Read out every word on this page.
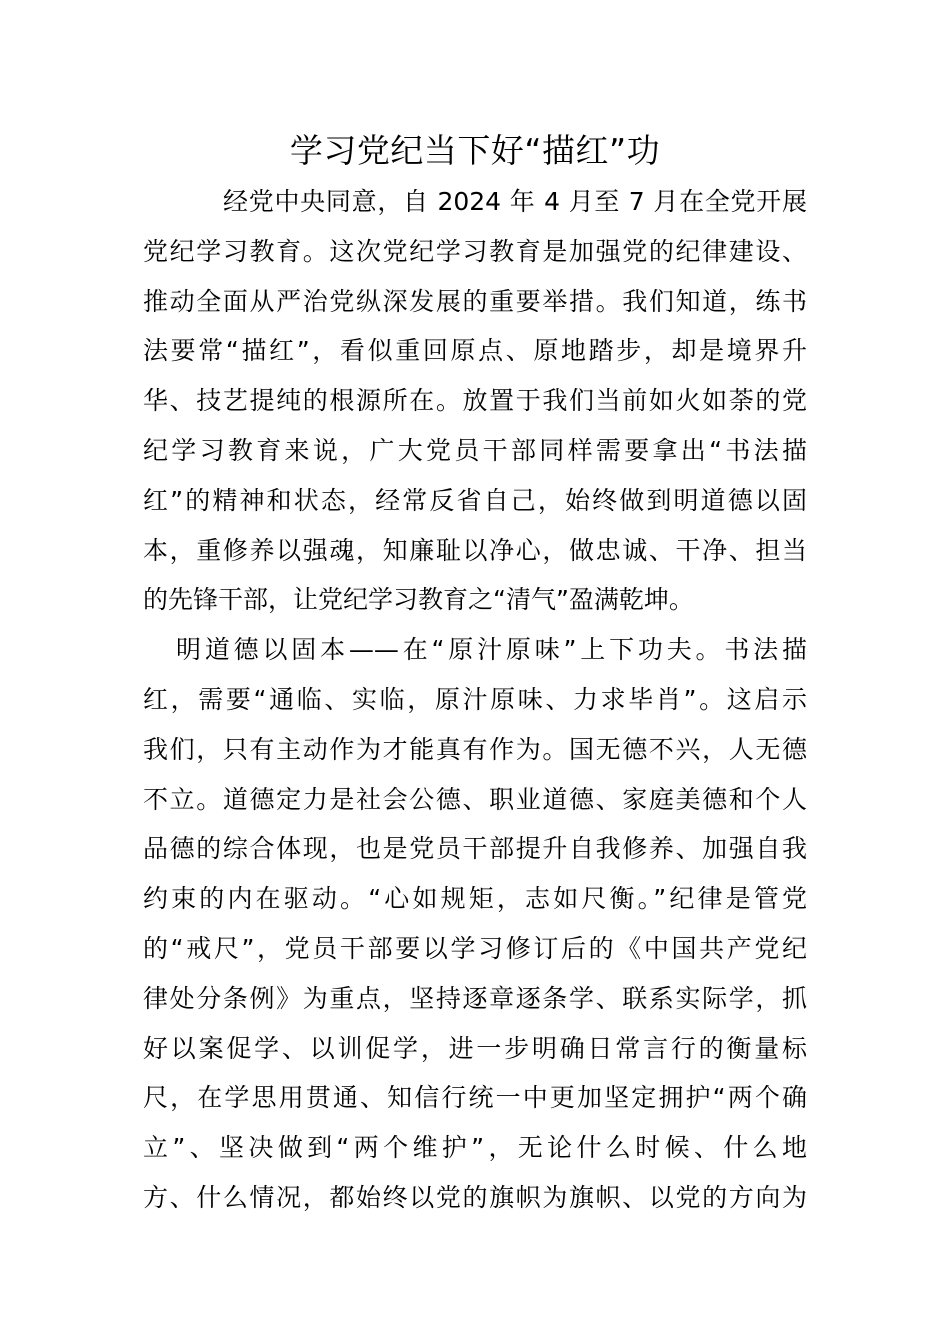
学习党纪当下好“描红”功
经党中央同意，自 2024 年 4 月至 7 月在全党开展
党纪学习教育。这次党纪学习教育是加强党的纪律建设、
推动全面从严治党纵深发展的重要举措。我们知道，练书
法要常“描红”，看似重回原点、原地踏步，却是境界升
华、技艺提纯的根源所在。放置于我们当前如火如荼的党
纪学习教育来说，广大党员干部同样需要拿出“书法描
红”的精神和状态，经常反省自己，始终做到明道德以固
本，重修养以强魂，知廉耻以净心，做忠诚、干净、担当
的先锋干部，让党纪学习教育之“清气”盈满乾坤。
明道德以固本——在“原汁原味”上下功夫。书法描
红，需要“通临、实临，原汁原味、力求毕肖”。这启示
我们，只有主动作为才能真有作为。国无德不兴，人无德
不立。道德定力是社会公德、职业道德、家庭美德和个人
品德的综合体现，也是党员干部提升自我修养、加强自我
约束的内在驱动。“心如规矩，志如尺衡。”纪律是管党
的“戒尺”，党员干部要以学习修订后的《中国共产党纪
律处分条例》为重点，坚持逐章逐条学、联系实际学，抓
好以案促学、以训促学，进一步明确日常言行的衡量标
尺，在学思用贯通、知信行统一中更加坚定拥护“两个确
立”、坚决做到“两个维护”，无论什么时候、什么地
方、什么情况，都始终以党的旗帜为旗帜、以党的方向为
